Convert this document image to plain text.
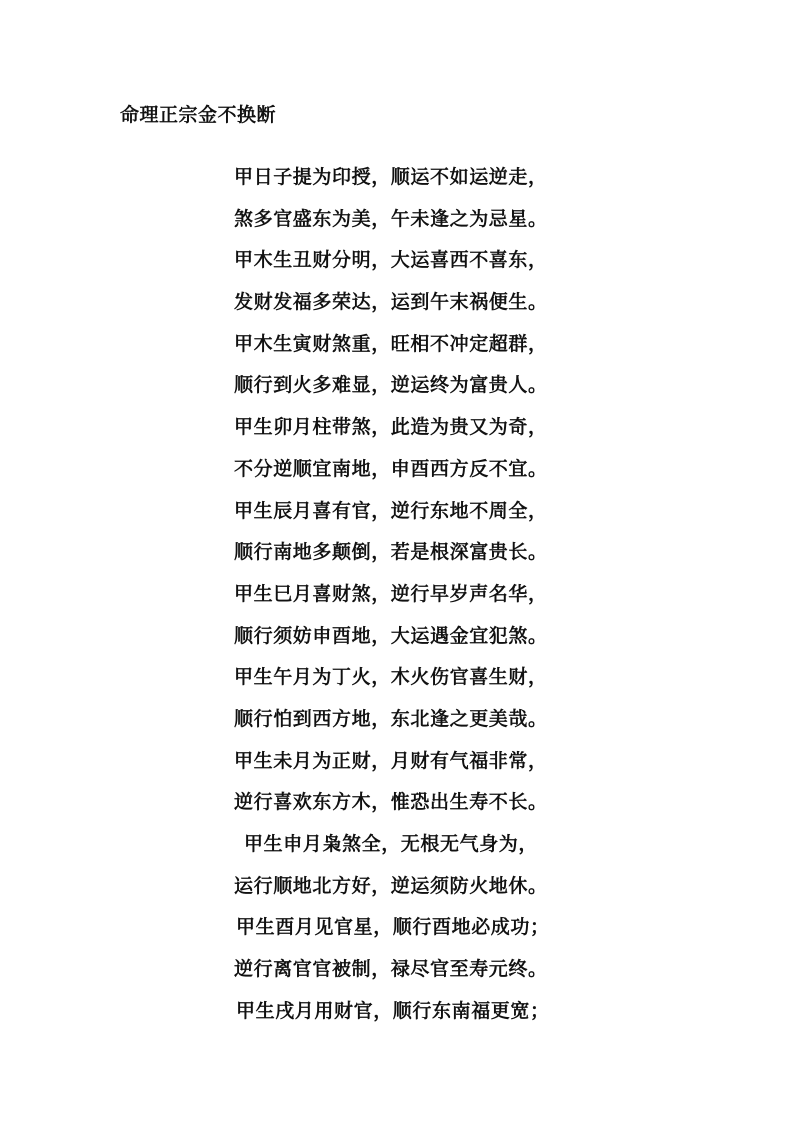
命理正宗金不换断
甲日子提为印授，顺运不如运逆走，
煞多官盛东为美，午未逢之为忌星。
甲木生丑财分明，大运喜西不喜东，
发财发福多荣达，运到午末祸便生。
甲木生寅财煞重，旺相不冲定超群，
顺行到火多难显，逆运终为富贵人。
甲生卯月柱带煞，此造为贵又为奇，
不分逆顺宜南地，申酉西方反不宜。
甲生辰月喜有官，逆行东地不周全，
顺行南地多颠倒，若是根深富贵长。
甲生巳月喜财煞，逆行早岁声名华，
顺行须妨申酉地，大运遇金宜犯煞。
甲生午月为丁火，木火伤官喜生财，
顺行怕到西方地，东北逢之更美哉。
甲生未月为正财，月财有气福非常，
逆行喜欢东方木，惟恐出生寿不长。
甲生申月枭煞全，无根无气身为，
运行顺地北方好，逆运须防火地休。
甲生酉月见官星，顺行酉地必成功；
逆行离官官被制，禄尽官至寿元终。
甲生戌月用财官，顺行东南福更宽；
